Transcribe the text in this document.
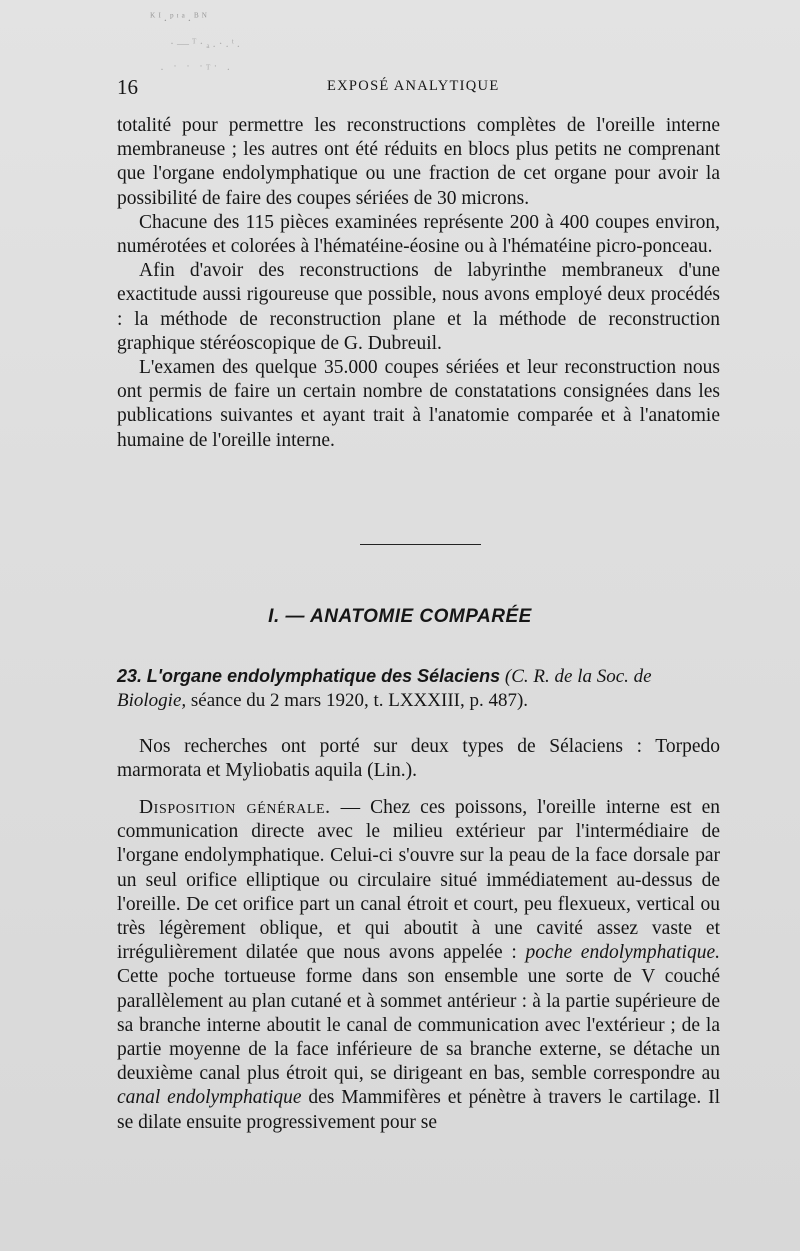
ᴷᴵ.ᵖᶦᵃ.ᴮᴺ
·—ᵀ·ₐ.·.ᵗ.
· ˙ ˙ ˙ᵀ˙ ·
16	EXPOSÉ ANALYTIQUE

totalité pour permettre les reconstructions complètes de l'oreille interne membraneuse ; les autres ont été réduits en blocs plus petits ne comprenant que l'organe endolymphatique ou une fraction de cet organe pour avoir la possibilité de faire des coupes sériées de 30 microns.

Chacune des 115 pièces examinées représente 200 à 400 coupes environ, numérotées et colorées à l'hématéine-éosine ou à l'hématéine picro-ponceau.

Afin d'avoir des reconstructions de labyrinthe membraneux d'une exactitude aussi rigoureuse que possible, nous avons employé deux procédés : la méthode de reconstruction plane et la méthode de reconstruction graphique stéréoscopique de G. Dubreuil.

L'examen des quelque 35.000 coupes sériées et leur reconstruction nous ont permis de faire un certain nombre de constatations consignées dans les publications suivantes et ayant trait à l'anatomie comparée et à l'anatomie humaine de l'oreille interne.

I. — ANATOMIE COMPARÉE
23. L'organe endolymphatique des Sélaciens (C. R. de la Soc. de Biologie, séance du 2 mars 1920, t. LXXXIII, p. 487).

Nos recherches ont porté sur deux types de Sélaciens : Torpedo marmorata et Myliobatis aquila (Lin.).

Disposition générale. — Chez ces poissons, l'oreille interne est en communication directe avec le milieu extérieur par l'intermédiaire de l'organe endolymphatique. Celui-ci s'ouvre sur la peau de la face dorsale par un seul orifice elliptique ou circulaire situé immédiatement au-dessus de l'oreille. De cet orifice part un canal étroit et court, peu flexueux, vertical ou très légèrement oblique, et qui aboutit à une cavité assez vaste et irrégulièrement dilatée que nous avons appelée : poche endolymphatique. Cette poche tortueuse forme dans son ensemble une sorte de V couché parallèlement au plan cutané et à sommet antérieur : à la partie supérieure de sa branche interne aboutit le canal de communication avec l'extérieur ; de la partie moyenne de la face inférieure de sa branche externe, se détache un deuxième canal plus étroit qui, se dirigeant en bas, semble correspondre au canal endolymphatique des Mammifères et pénètre à travers le cartilage. Il se dilate ensuite progressivement pour se
